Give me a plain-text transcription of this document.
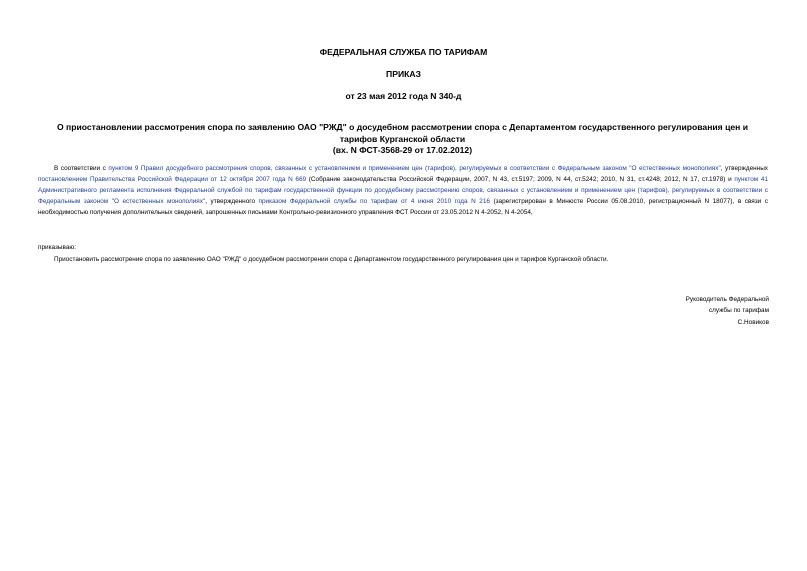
ФЕДЕРАЛЬНАЯ СЛУЖБА ПО ТАРИФАМ
ПРИКАЗ
от 23 мая 2012 года N 340-д
О приостановлении рассмотрения спора по заявлению ОАО "РЖД" о досудебном рассмотрении спора с Департаментом государственного регулирования цен и
тарифов Курганской области
(вх. N ФСТ-3568-29 от 17.02.2012)
В соответствии с пунктом 9 Правил досудебного рассмотрения споров, связанных с установлением и применением цен (тарифов), регулируемых в соответствии с Федеральным законом "О естественных монополиях", утвержденных постановлением Правительства Российской Федерации от 12 октября 2007 года N 669 (Собрание законодательства Российской Федерации, 2007, N 43, ст.5197; 2009, N 44, ст.5242; 2010, N 31, ст.4248; 2012, N 17, ст.1978) и пунктом 41 Административного регламента исполнения Федеральной службой по тарифам государственной функции по досудебному рассмотрению споров, связанных с установлением и применением цен (тарифов), регулируемых в соответствии с Федеральным законом "О естественных монополиях", утвержденного приказом Федеральной службы по тарифам от 4 июня 2010 года N 216 (зарегистрирован в Минюсте России 05.08.2010, регистрационный N 18077), в связи с необходимостью получения дополнительных сведений, запрошенных письмами Контрольно-ревизионного управления ФСТ России от 23.05.2012 N 4-2052, N 4-2054,
приказываю:
Приостановить рассмотрение спора по заявлению ОАО "РЖД" о досудебном рассмотрении спора с Департаментом государственного регулирования цен и тарифов Курганской области.
Руководитель Федеральной
службы по тарифам
С.Новиков
